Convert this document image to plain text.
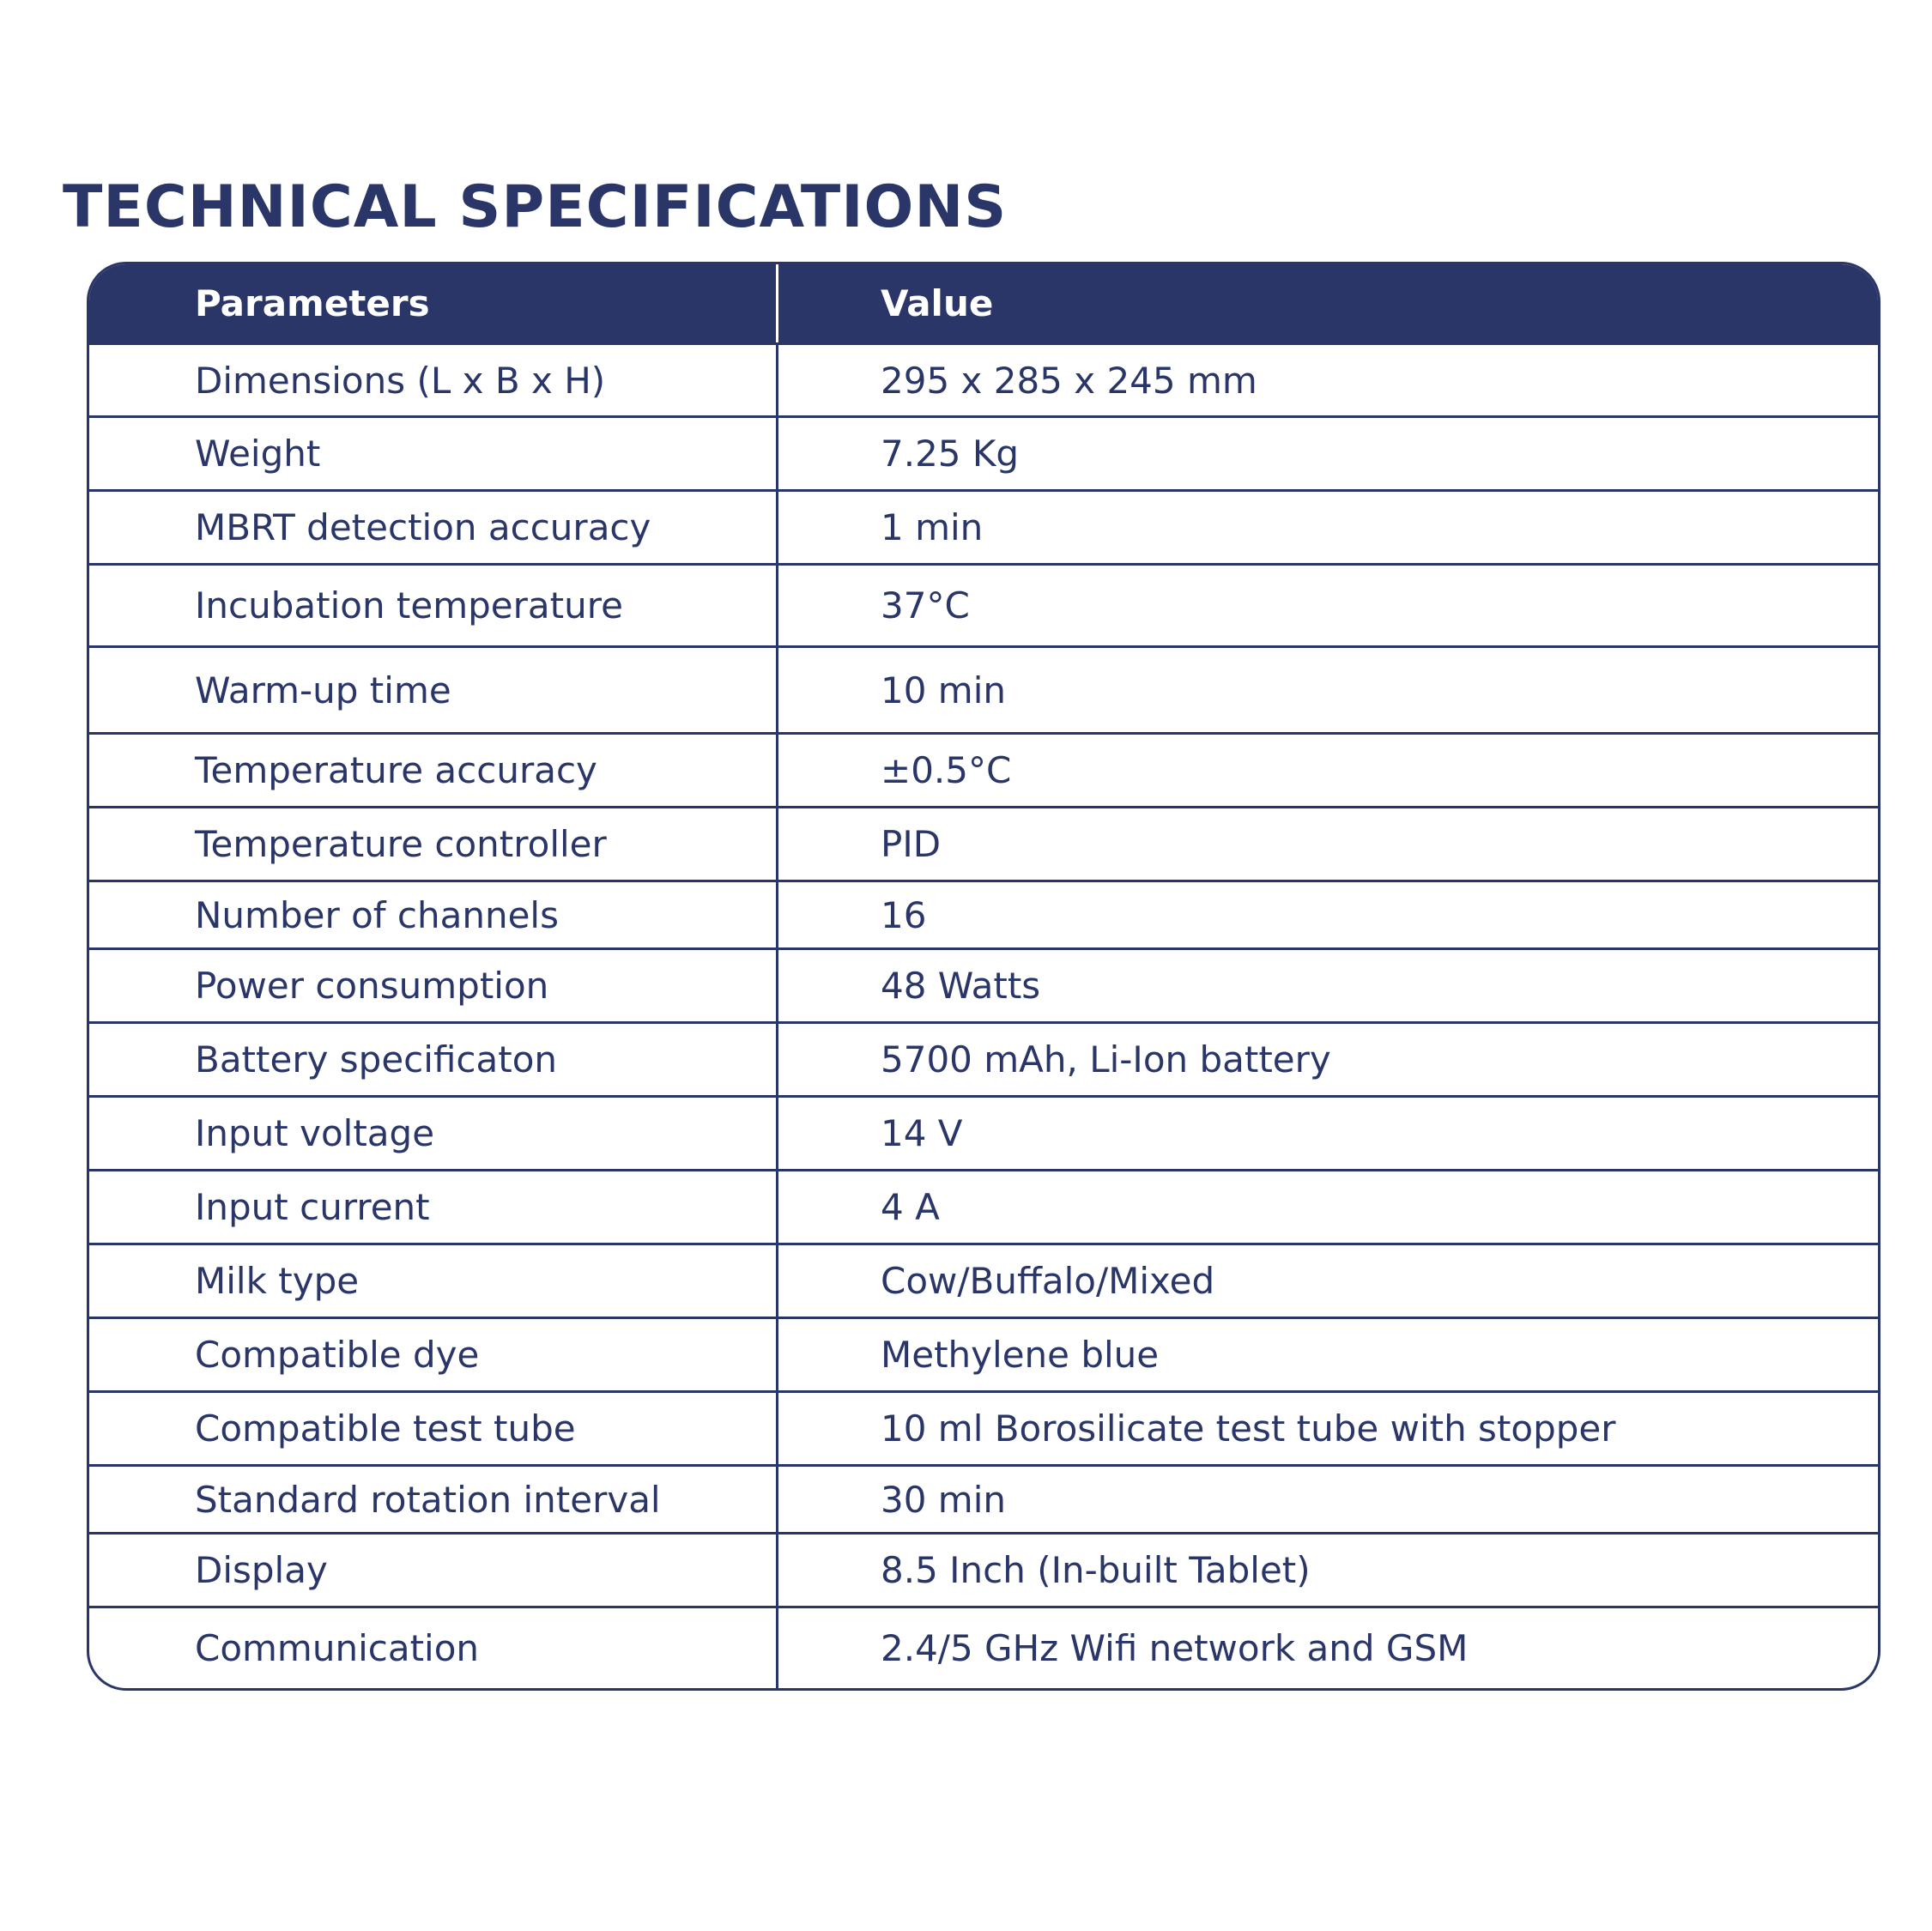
TECHNICAL SPECIFICATIONS
Parameters	Value
Dimensions (L x B x H)	295 x 285 x 245 mm
Weight	7.25 Kg
MBRT detection accuracy	1 min
Incubation temperature	37°C
Warm-up time	10 min
Temperature accuracy	±0.5°C
Temperature controller	PID
Number of channels	16
Power consumption	48 Watts
Battery specificaton	5700 mAh, Li-Ion battery
Input voltage	14 V
Input current	4 A
Milk type	Cow/Buffalo/Mixed
Compatible dye	Methylene blue
Compatible test tube	10 ml Borosilicate test tube with stopper
Standard rotation interval	30 min
Display	8.5 Inch (In-built Tablet)
Communication	2.4/5 GHz Wifi network and GSM
